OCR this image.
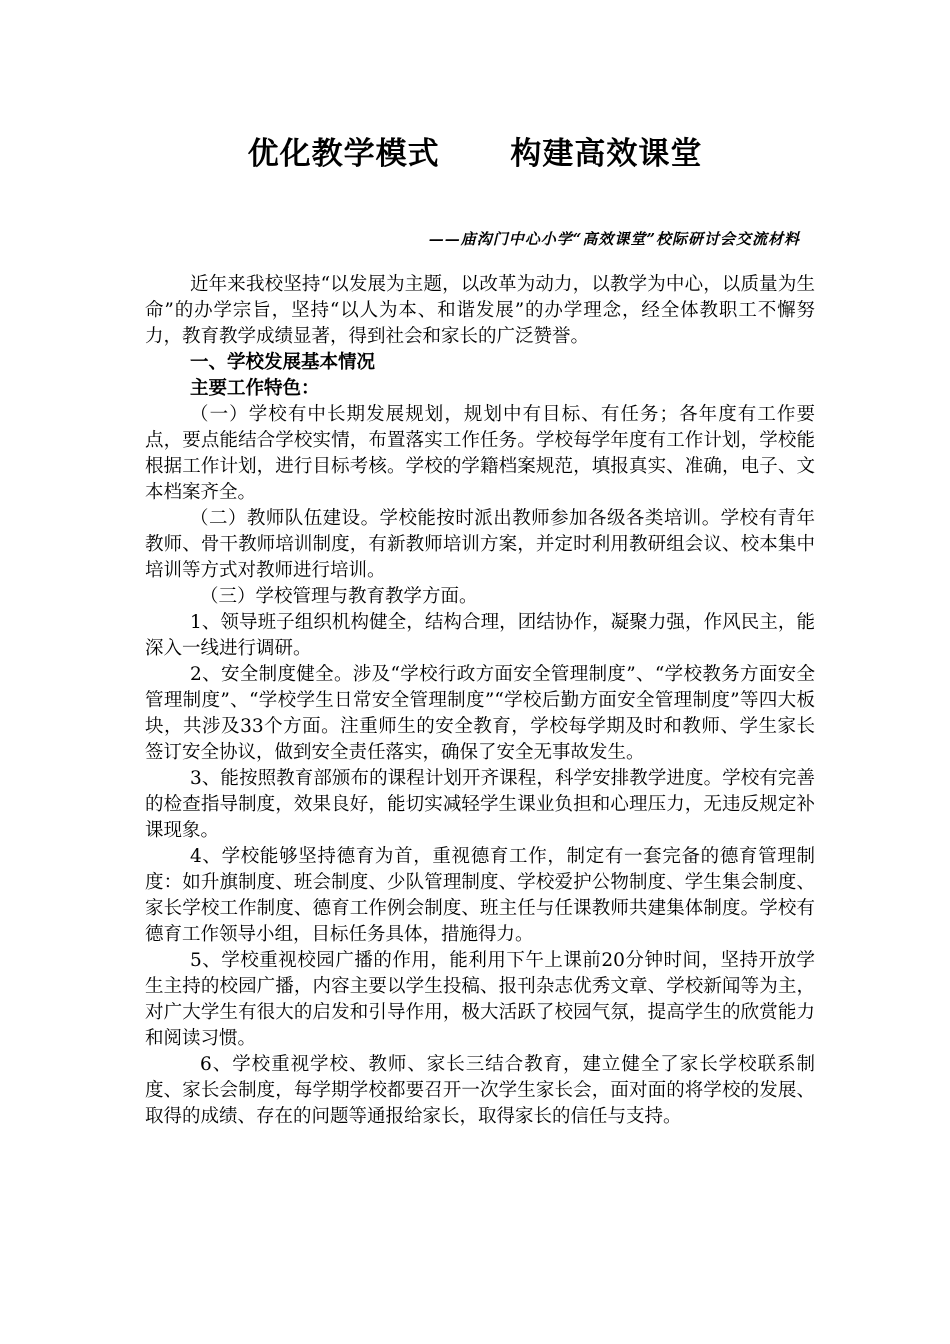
优化教学模式      构建高效课堂
——庙沟门中心小学“高效课堂”校际研讨会交流材料

近年来我校坚持“以发展为主题，以改革为动力，以教学为中心，以质量为生命”的办学宗旨，坚持“以人为本、和谐发展”的办学理念，经全体教职工不懈努力，教育教学成绩显著，得到社会和家长的广泛赞誉。

一、学校发展基本情况

主要工作特色：

（一）学校有中长期发展规划，规划中有目标、有任务；各年度有工作要点，要点能结合学校实情，布置落实工作任务。学校每学年度有工作计划，学校能根据工作计划，进行目标考核。学校的学籍档案规范，填报真实、准确，电子、文本档案齐全。

（二）教师队伍建设。学校能按时派出教师参加各级各类培训。学校有青年教师、骨干教师培训制度，有新教师培训方案，并定时利用教研组会议、校本集中培训等方式对教师进行培训。

（三）学校管理与教育教学方面。

1、领导班子组织机构健全，结构合理，团结协作，凝聚力强，作风民主，能深入一线进行调研。

2、安全制度健全。涉及“学校行政方面安全管理制度”、“学校教务方面安全管理制度”、“学校学生日常安全管理制度”“学校后勤方面安全管理制度”等四大板块，共涉及33个方面。注重师生的安全教育，学校每学期及时和教师、学生家长签订安全协议，做到安全责任落实，确保了安全无事故发生。

3、能按照教育部颁布的课程计划开齐课程，科学安排教学进度。学校有完善的检查指导制度，效果良好，能切实减轻学生课业负担和心理压力，无违反规定补课现象。

4、学校能够坚持德育为首，重视德育工作，制定有一套完备的德育管理制度：如升旗制度、班会制度、少队管理制度、学校爱护公物制度、学生集会制度、家长学校工作制度、德育工作例会制度、班主任与任课教师共建集体制度。学校有德育工作领导小组，目标任务具体，措施得力。

5、学校重视校园广播的作用，能利用下午上课前20分钟时间，坚持开放学生主持的校园广播，内容主要以学生投稿、报刊杂志优秀文章、学校新闻等为主，对广大学生有很大的启发和引导作用，极大活跃了校园气氛，提高学生的欣赏能力和阅读习惯。

6、学校重视学校、教师、家长三结合教育，建立健全了家长学校联系制度、家长会制度，每学期学校都要召开一次学生家长会，面对面的将学校的发展、取得的成绩、存在的问题等通报给家长，取得家长的信任与支持。
